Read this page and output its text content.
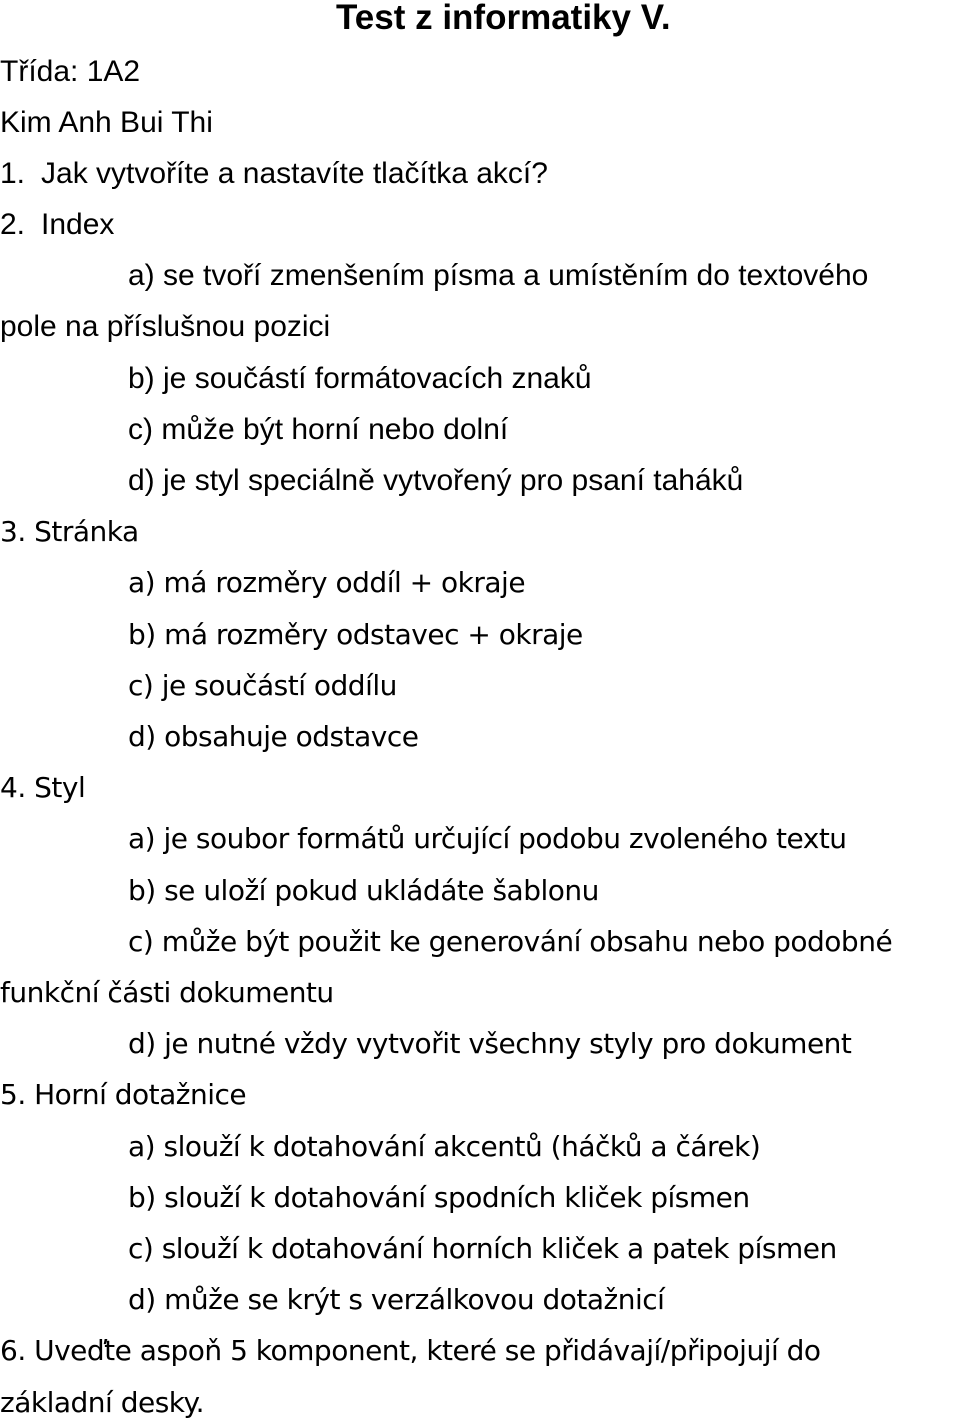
Test z informatiky V.
Třída: 1A2
Kim Anh Bui Thi
1. Jak vytvoříte a nastavíte tlačítka akcí?
2. Index
a) se tvoří zmenšením písma a umístěním do textového
pole na příslušnou pozici
b) je součástí formátovacích znaků
c) může být horní nebo dolní
d) je styl speciálně vytvořený pro psaní taháků
3. Stránka
a) má rozměry oddíl + okraje
b) má rozměry odstavec + okraje
c) je součástí oddílu
d) obsahuje odstavce
4. Styl
a) je soubor formátů určující podobu zvoleného textu
b) se uloží pokud ukládáte šablonu
c) může být použit ke generování obsahu nebo podobné
funkční části dokumentu
d) je nutné vždy vytvořit všechny styly pro dokument
5. Horní dotažnice
a) slouží k dotahování akcentů (háčků a čárek)
b) slouží k dotahování spodních kliček písmen
c) slouží k dotahování horních kliček a patek písmen
d) může se krýt s verzálkovou dotažnicí
6. Uveďte aspoň 5 komponent, které se přidávají/připojují do
základní desky.
